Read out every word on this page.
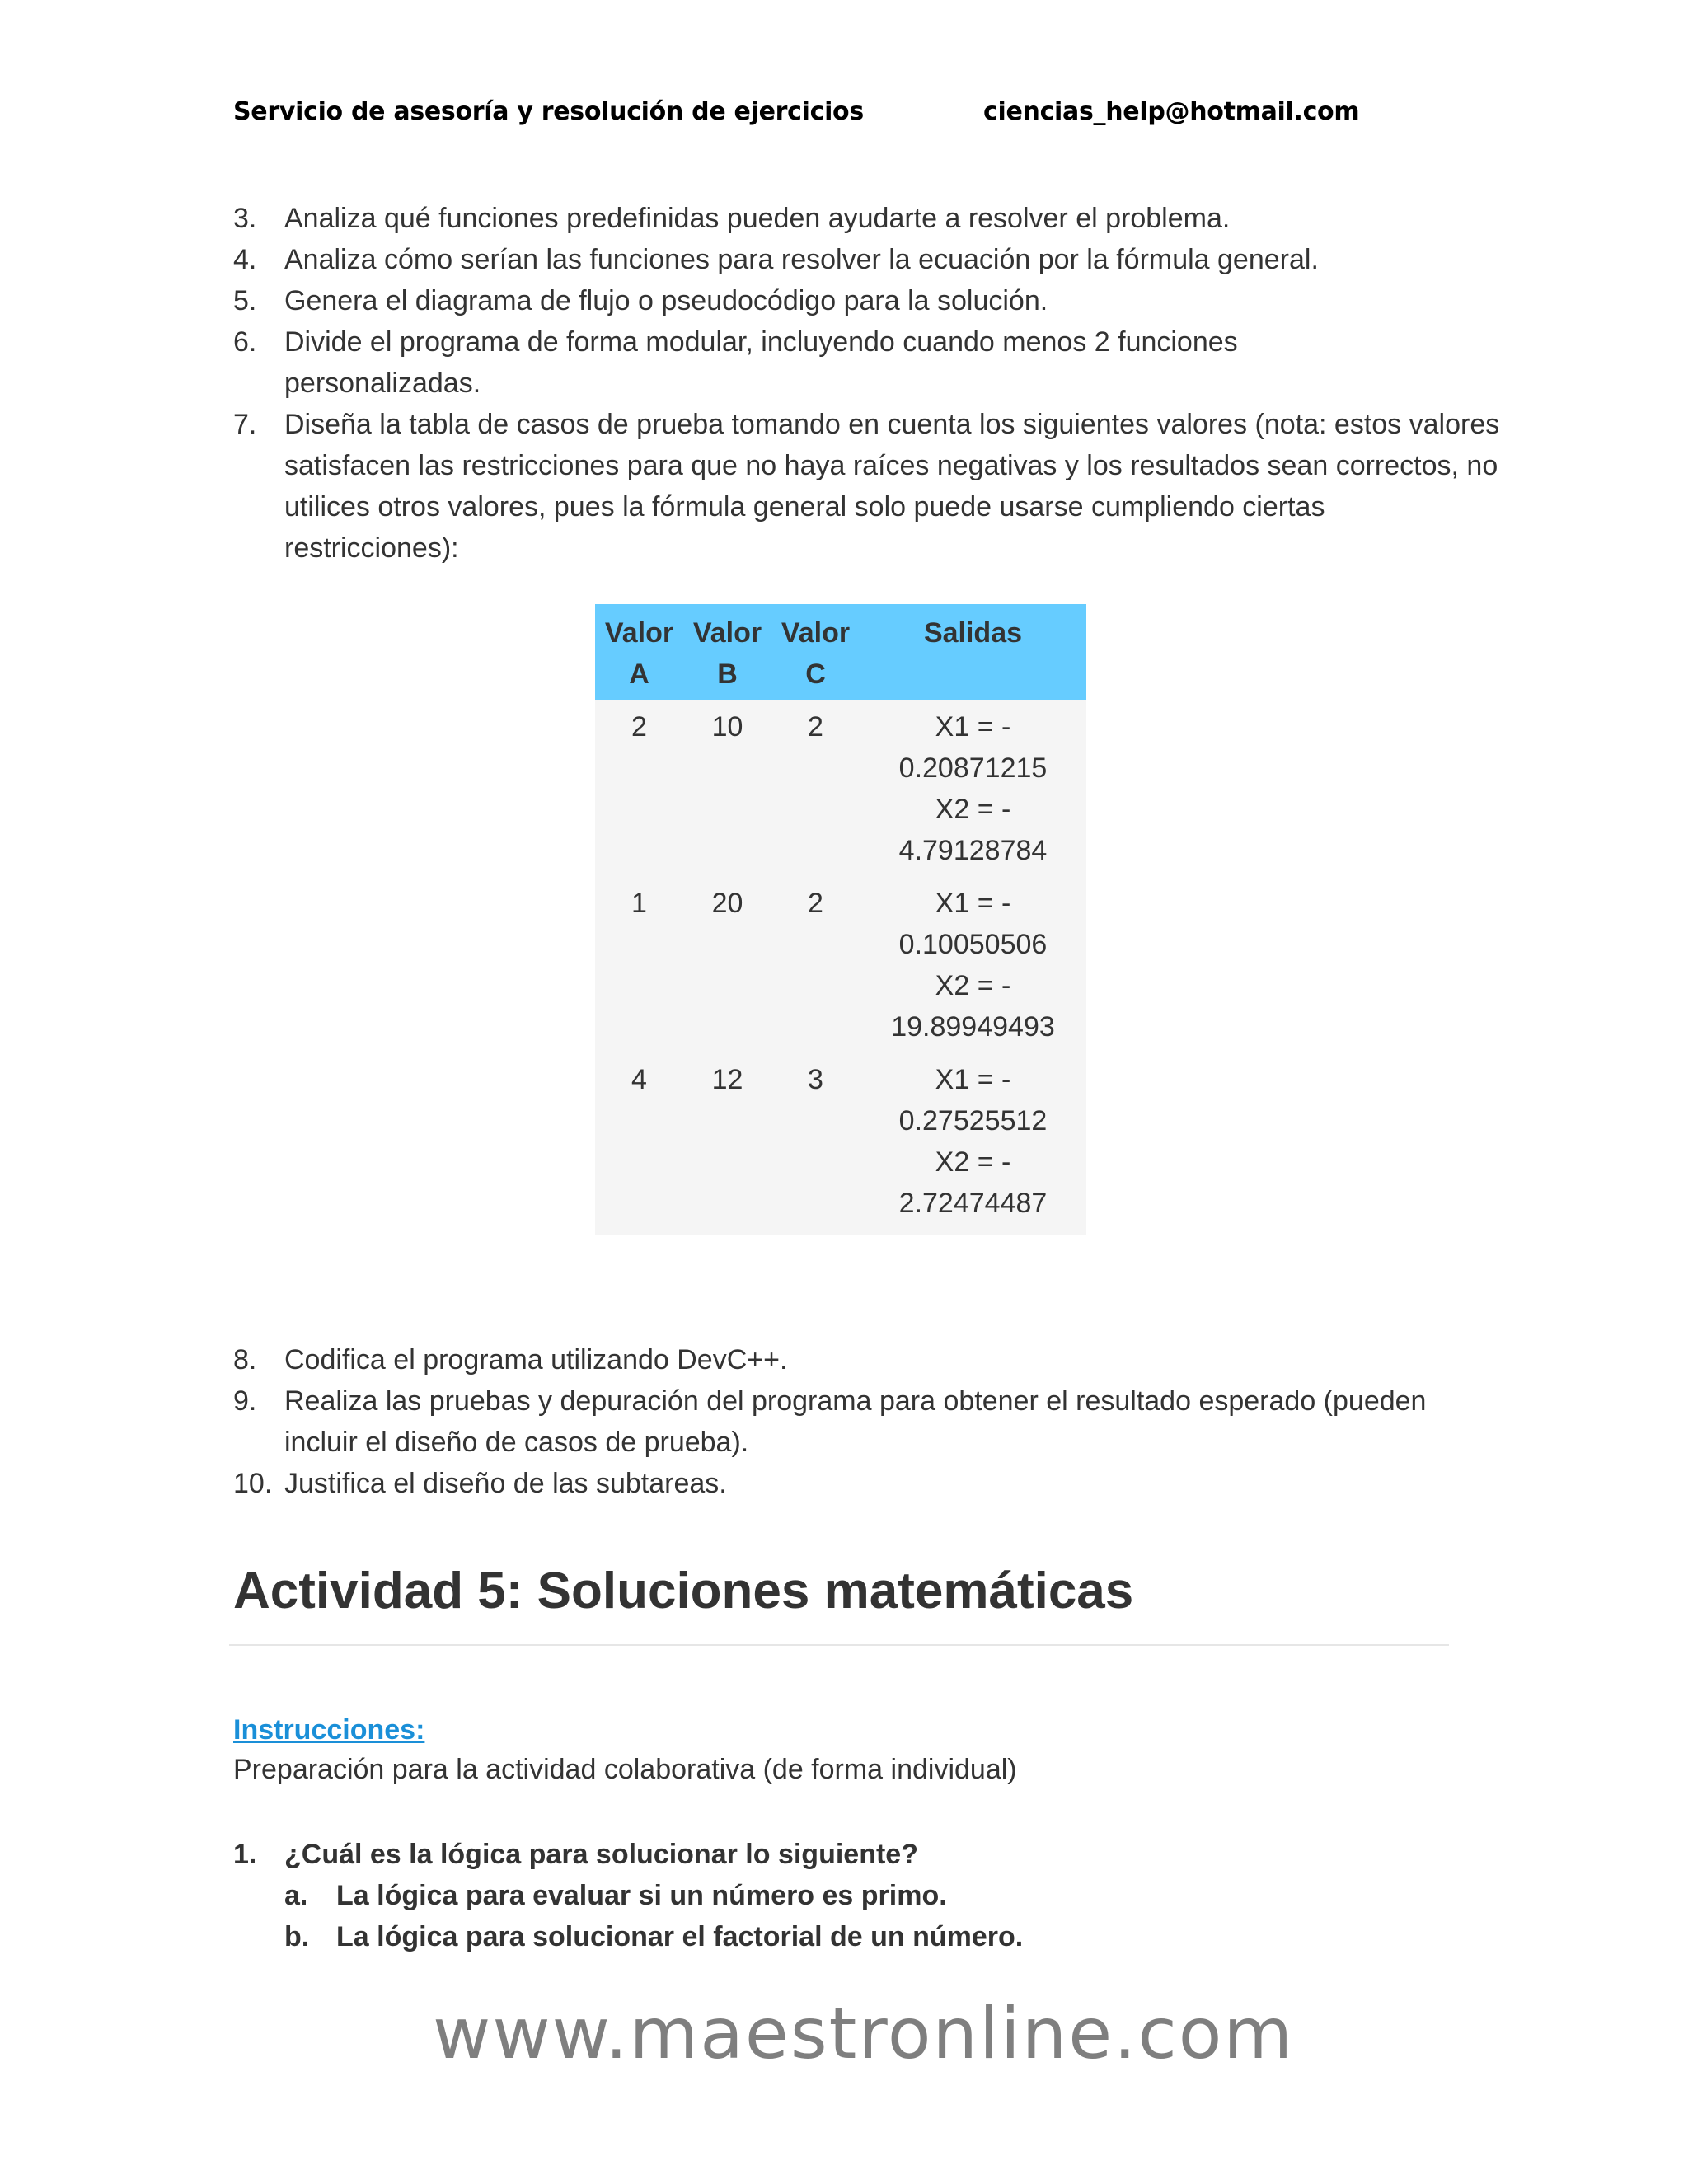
Servicio de asesoría y resolución de ejercicios	ciencias_help@hotmail.com
3. Analiza qué funciones predefinidas pueden ayudarte a resolver el problema.
4. Analiza cómo serían las funciones para resolver la ecuación por la fórmula general.
5. Genera el diagrama de flujo o pseudocódigo para la solución.
6. Divide el programa de forma modular, incluyendo cuando menos 2 funciones personalizadas.
7. Diseña la tabla de casos de prueba tomando en cuenta los siguientes valores (nota: estos valores satisfacen las restricciones para que no haya raíces negativas y los resultados sean correctos, no utilices otros valores, pues la fórmula general solo puede usarse cumpliendo ciertas restricciones):
Valor A	Valor B	Valor C	Salidas
2	10	2	X1 = - 0.20871215 X2 = - 4.79128784
1	20	2	X1 = - 0.10050506 X2 = - 19.89949493
4	12	3	X1 = - 0.27525512 X2 = - 2.72474487
8. Codifica el programa utilizando DevC++.
9. Realiza las pruebas y depuración del programa para obtener el resultado esperado (pueden incluir el diseño de casos de prueba).
10. Justifica el diseño de las subtareas.
Actividad 5: Soluciones matemáticas
Instrucciones:
Preparación para la actividad colaborativa (de forma individual)
1. ¿Cuál es la lógica para solucionar lo siguiente?
a. La lógica para evaluar si un número es primo.
b. La lógica para solucionar el factorial de un número.
www.maestronline.com
